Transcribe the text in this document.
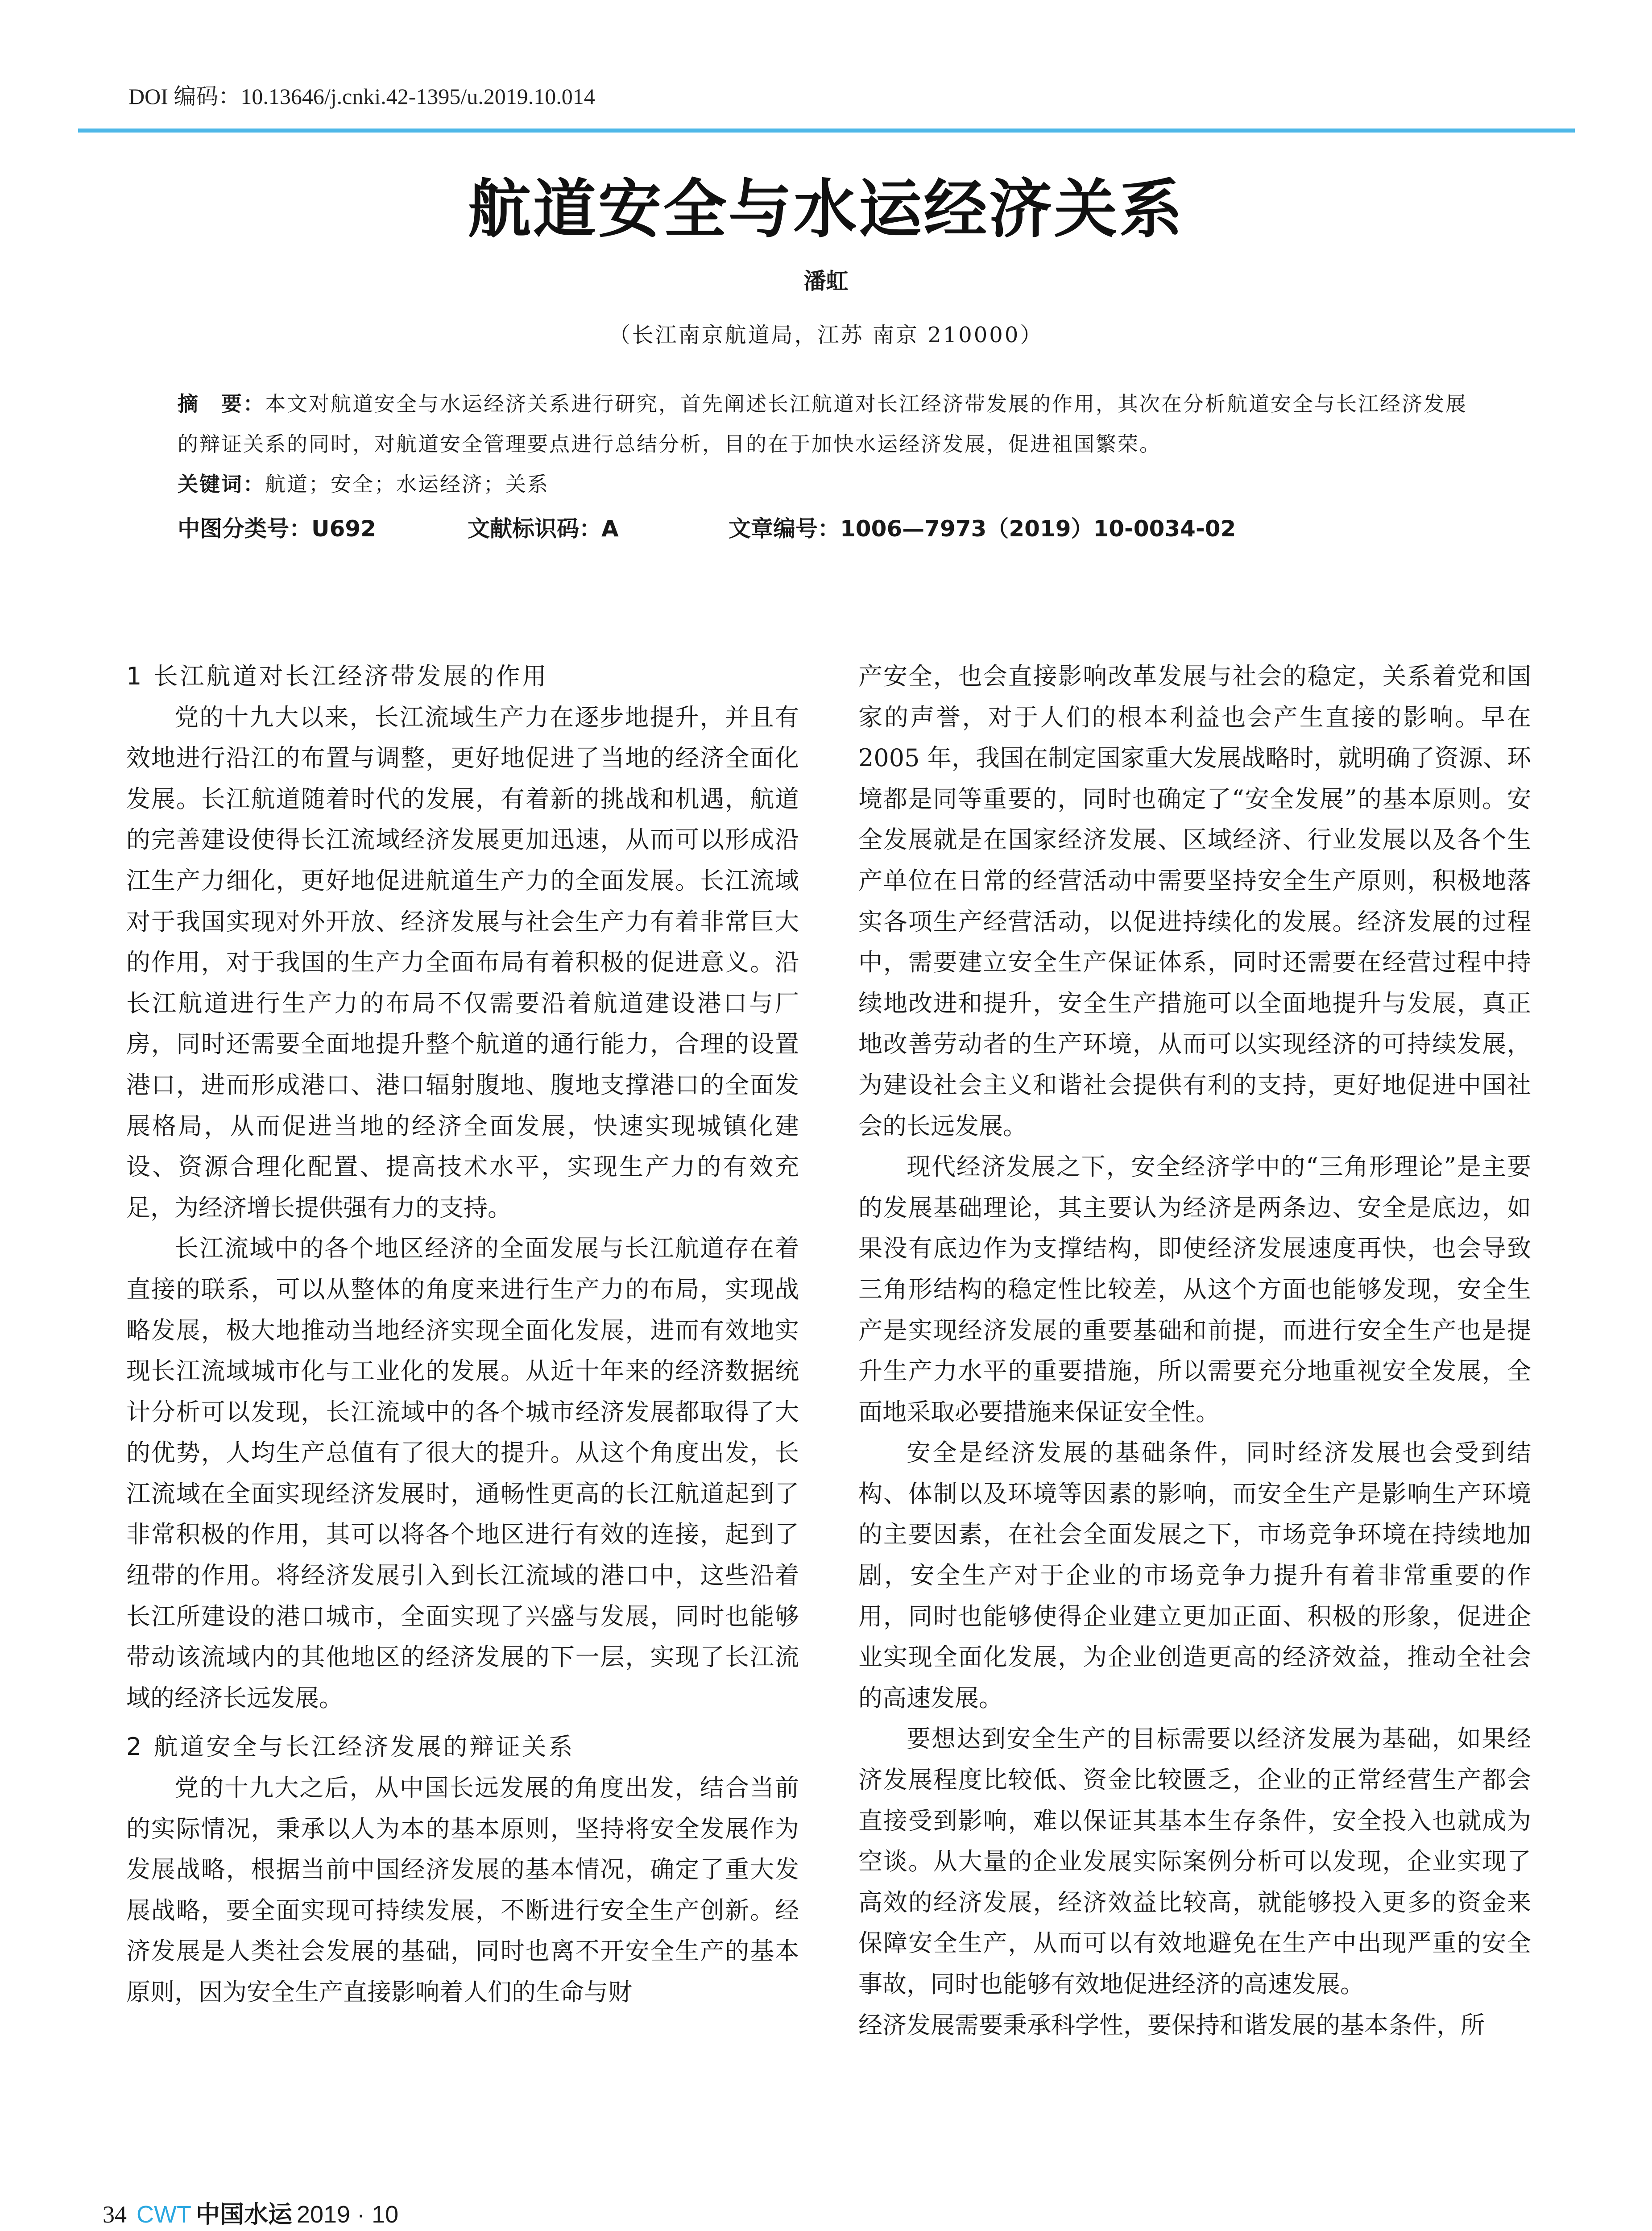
DOI 编码：10.13646/j.cnki.42-1395/u.2019.10.014
航道安全与水运经济关系
潘虹
（长江南京航道局，江苏 南京 210000）
摘　要：本文对航道安全与水运经济关系进行研究，首先阐述长江航道对长江经济带发展的作用，其次在分析航道安全与长江经济发展的辩证关系的同时，对航道安全管理要点进行总结分析，目的在于加快水运经济发展，促进祖国繁荣。
关键词：航道；安全；水运经济；关系
中图分类号：U692	文献标识码：A	文章编号：1006—7973（2019）10-0034-02
1 长江航道对长江经济带发展的作用

党的十九大以来，长江流域生产力在逐步地提升，并且有效地进行沿江的布置与调整，更好地促进了当地的经济全面化发展。长江航道随着时代的发展，有着新的挑战和机遇，航道的完善建设使得长江流域经济发展更加迅速，从而可以形成沿江生产力细化，更好地促进航道生产力的全面发展。长江流域对于我国实现对外开放、经济发展与社会生产力有着非常巨大的作用，对于我国的生产力全面布局有着积极的促进意义。沿长江航道进行生产力的布局不仅需要沿着航道建设港口与厂房，同时还需要全面地提升整个航道的通行能力，合理的设置港口，进而形成港口、港口辐射腹地、腹地支撑港口的全面发展格局，从而促进当地的经济全面发展，快速实现城镇化建设、资源合理化配置、提高技术水平，实现生产力的有效充足，为经济增长提供强有力的支持。

长江流域中的各个地区经济的全面发展与长江航道存在着直接的联系，可以从整体的角度来进行生产力的布局，实现战略发展，极大地推动当地经济实现全面化发展，进而有效地实现长江流域城市化与工业化的发展。从近十年来的经济数据统计分析可以发现，长江流域中的各个城市经济发展都取得了大的优势，人均生产总值有了很大的提升。从这个角度出发，长江流域在全面实现经济发展时，通畅性更高的长江航道起到了非常积极的作用，其可以将各个地区进行有效的连接，起到了纽带的作用。将经济发展引入到长江流域的港口中，这些沿着长江所建设的港口城市，全面实现了兴盛与发展，同时也能够带动该流域内的其他地区的经济发展的下一层，实现了长江流域的经济长远发展。

2 航道安全与长江经济发展的辩证关系

党的十九大之后，从中国长远发展的角度出发，结合当前的实际情况，秉承以人为本的基本原则，坚持将安全发展作为发展战略，根据当前中国经济发展的基本情况，确定了重大发展战略，要全面实现可持续发展，不断进行安全生产创新。经济发展是人类社会发展的基础，同时也离不开安全生产的基本原则，因为安全生产直接影响着人们的生命与财

产安全，也会直接影响改革发展与社会的稳定，关系着党和国家的声誉，对于人们的根本利益也会产生直接的影响。早在 2005 年，我国在制定国家重大发展战略时，就明确了资源、环境都是同等重要的，同时也确定了“安全发展”的基本原则。安全发展就是在国家经济发展、区域经济、行业发展以及各个生产单位在日常的经营活动中需要坚持安全生产原则，积极地落实各项生产经营活动，以促进持续化的发展。经济发展的过程中，需要建立安全生产保证体系，同时还需要在经营过程中持续地改进和提升，安全生产措施可以全面地提升与发展，真正地改善劳动者的生产环境，从而可以实现经济的可持续发展，为建设社会主义和谐社会提供有利的支持，更好地促进中国社会的长远发展。

现代经济发展之下，安全经济学中的“三角形理论”是主要的发展基础理论，其主要认为经济是两条边、安全是底边，如果没有底边作为支撑结构，即使经济发展速度再快，也会导致三角形结构的稳定性比较差，从这个方面也能够发现，安全生产是实现经济发展的重要基础和前提，而进行安全生产也是提升生产力水平的重要措施，所以需要充分地重视安全发展，全面地采取必要措施来保证安全性。

安全是经济发展的基础条件，同时经济发展也会受到结构、体制以及环境等因素的影响，而安全生产是影响生产环境的主要因素，在社会全面发展之下，市场竞争环境在持续地加剧，安全生产对于企业的市场竞争力提升有着非常重要的作用，同时也能够使得企业建立更加正面、积极的形象，促进企业实现全面化发展，为企业创造更高的经济效益，推动全社会的高速发展。

要想达到安全生产的目标需要以经济发展为基础，如果经济发展程度比较低、资金比较匮乏，企业的正常经营生产都会直接受到影响，难以保证其基本生存条件，安全投入也就成为空谈。从大量的企业发展实际案例分析可以发现，企业实现了高效的经济发展，经济效益比较高，就能够投入更多的资金来保障安全生产，从而可以有效地避免在生产中出现严重的安全事故，同时也能够有效地促进经济的高速发展。

经济发展需要秉承科学性，要保持和谐发展的基本条件，所

34 CWT 中国水运 2019 · 10
